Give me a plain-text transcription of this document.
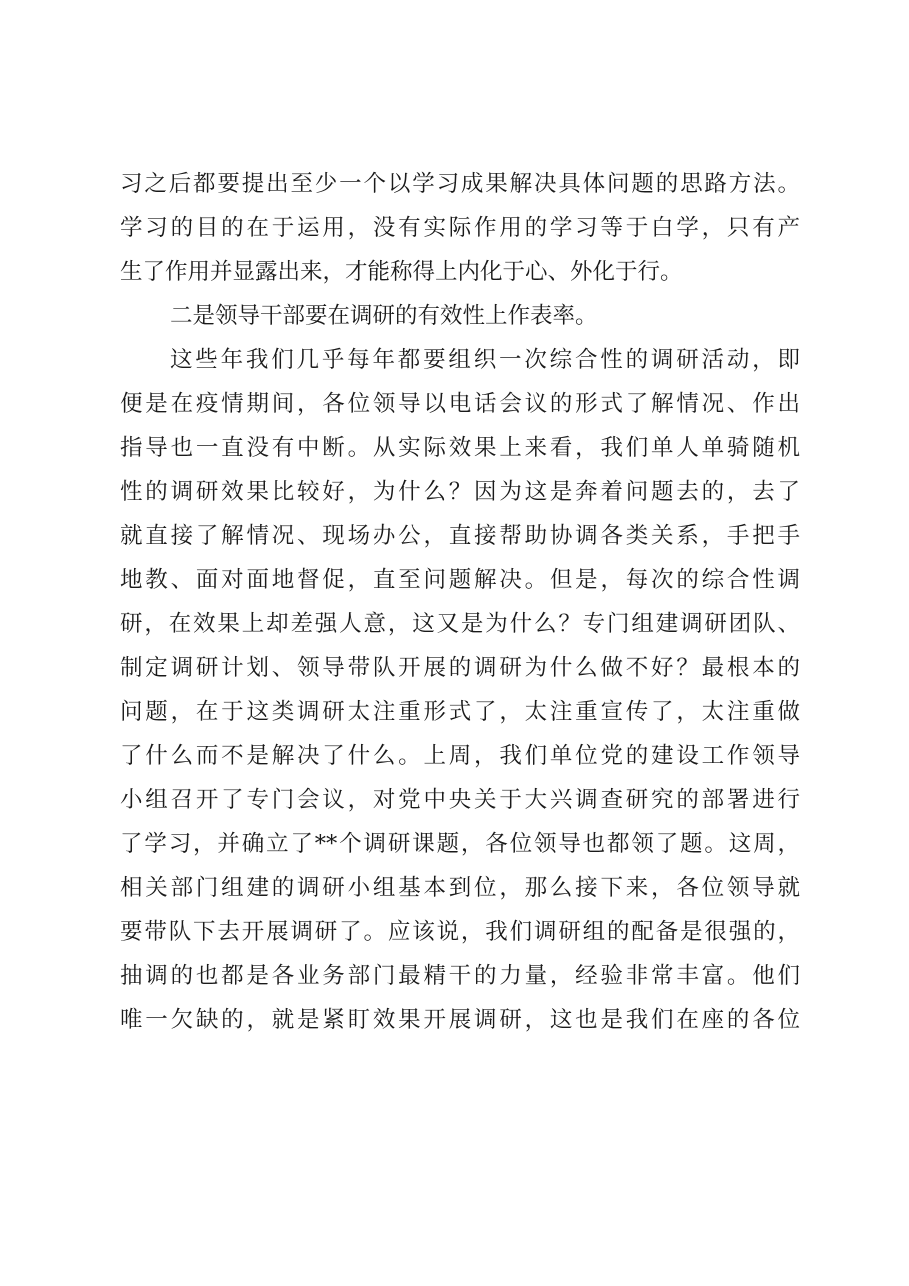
习之后都要提出至少一个以学习成果解决具体问题的思路方法。
学习的目的在于运用，没有实际作用的学习等于白学，只有产
生了作用并显露出来，才能称得上内化于心、外化于行。
二是领导干部要在调研的有效性上作表率。
这些年我们几乎每年都要组织一次综合性的调研活动，即
便是在疫情期间，各位领导以电话会议的形式了解情况、作出
指导也一直没有中断。从实际效果上来看，我们单人单骑随机
性的调研效果比较好，为什么？因为这是奔着问题去的，去了
就直接了解情况、现场办公，直接帮助协调各类关系，手把手
地教、面对面地督促，直至问题解决。但是，每次的综合性调
研，在效果上却差强人意，这又是为什么？专门组建调研团队、
制定调研计划、领导带队开展的调研为什么做不好？最根本的
问题，在于这类调研太注重形式了，太注重宣传了，太注重做
了什么而不是解决了什么。上周，我们单位党的建设工作领导
小组召开了专门会议，对党中央关于大兴调查研究的部署进行
了学习，并确立了**个调研课题，各位领导也都领了题。这周，
相关部门组建的调研小组基本到位，那么接下来，各位领导就
要带队下去开展调研了。应该说，我们调研组的配备是很强的，
抽调的也都是各业务部门最精干的力量，经验非常丰富。他们
唯一欠缺的，就是紧盯效果开展调研，这也是我们在座的各位
